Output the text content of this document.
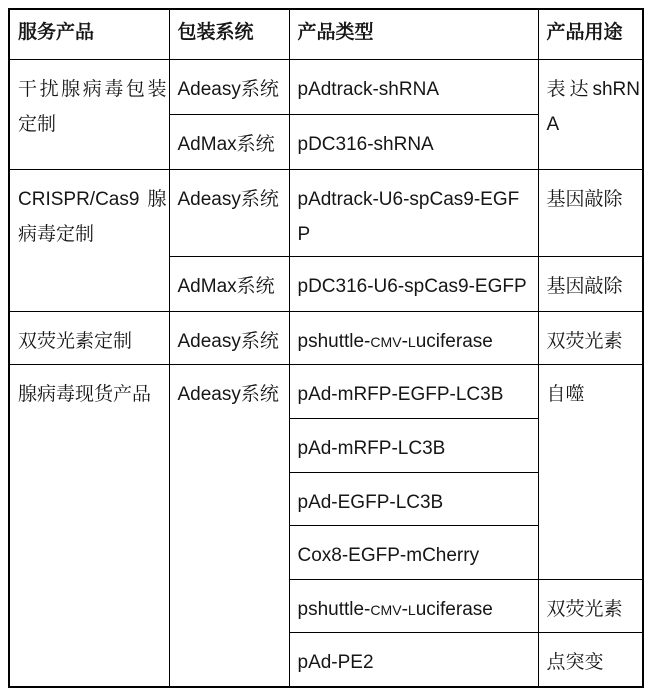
服务产品	包装系统	产品类型	产品用途
干扰腺病毒包装定制	Adeasy系统	pAdtrack-shRNA	表达shRNA
	AdMax系统	pDC316-shRNA	
CRISPR/Cas9 腺病毒定制	Adeasy系统	pAdtrack-U6-spCas9-EGFP	基因敲除
	AdMax系统	pDC316-U6-spCas9-EGFP	基因敲除
双荧光素定制	Adeasy系统	pshuttle-CMV-Luciferase	双荧光素
腺病毒现货产品	Adeasy系统	pAd-mRFP-EGFP-LC3B	自噬
		pAd-mRFP-LC3B	
		pAd-EGFP-LC3B	
		Cox8-EGFP-mCherry	
		pshuttle-CMV-Luciferase	双荧光素
		pAd-PE2	点突变
